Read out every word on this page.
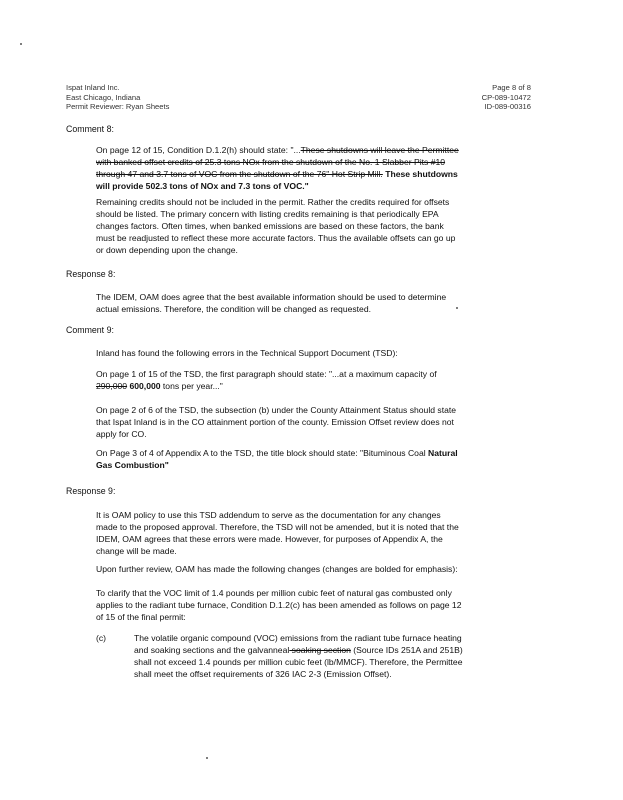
Ispat Inland Inc.
East Chicago, Indiana
Permit Reviewer: Ryan Sheets
Page 8 of 8
CP-089-10472
ID-089-00316
Comment 8:
On page 12 of 15, Condition D.1.2(h) should state: "...These shutdowns will leave the Permittee
with banked offset credits of 25.3 tons NOx from the shutdown of the No. 1 Slabber Pits #10
through 47 and 3.7 tons of VOC from the shutdown of the 76" Hot Strip Mill. These shutdowns
will provide 502.3 tons of NOx and 7.3 tons of VOC."
Remaining credits should not be included in the permit. Rather the credits required for offsets
should be listed. The primary concern with listing credits remaining is that periodically EPA
changes factors. Often times, when banked emissions are based on these factors, the bank
must be readjusted to reflect these more accurate factors. Thus the available offsets can go up
or down depending upon the change.
Response 8:
The IDEM, OAM does agree that the best available information should be used to determine
actual emissions. Therefore, the condition will be changed as requested.
Comment 9:
Inland has found the following errors in the Technical Support Document (TSD):
On page 1 of 15 of the TSD, the first paragraph should state: "...at a maximum capacity of
290,000 600,000 tons per year..."
On page 2 of 6 of the TSD, the subsection (b) under the County Attainment Status should state
that Ispat Inland is in the CO attainment portion of the county. Emission Offset review does not
apply for CO.
On Page 3 of 4 of Appendix A to the TSD, the title block should state: "Bituminous Coal Natural
Gas Combustion"
Response 9:
It is OAM policy to use this TSD addendum to serve as the documentation for any changes
made to the proposed approval. Therefore, the TSD will not be amended, but it is noted that the
IDEM, OAM agrees that these errors were made. However, for purposes of Appendix A, the
change will be made.
Upon further review, OAM has made the following changes (changes are bolded for emphasis):
To clarify that the VOC limit of 1.4 pounds per million cubic feet of natural gas combusted only
applies to the radiant tube furnace, Condition D.1.2(c) has been amended as follows on page 12
of 15 of the final permit:
(c)	The volatile organic compound (VOC) emissions from the radiant tube furnace heating
and soaking sections and the galvanneal soaking section (Source IDs 251A and 251B)
shall not exceed 1.4 pounds per million cubic feet (lb/MMCF). Therefore, the Permittee
shall meet the offset requirements of 326 IAC 2-3 (Emission Offset).
